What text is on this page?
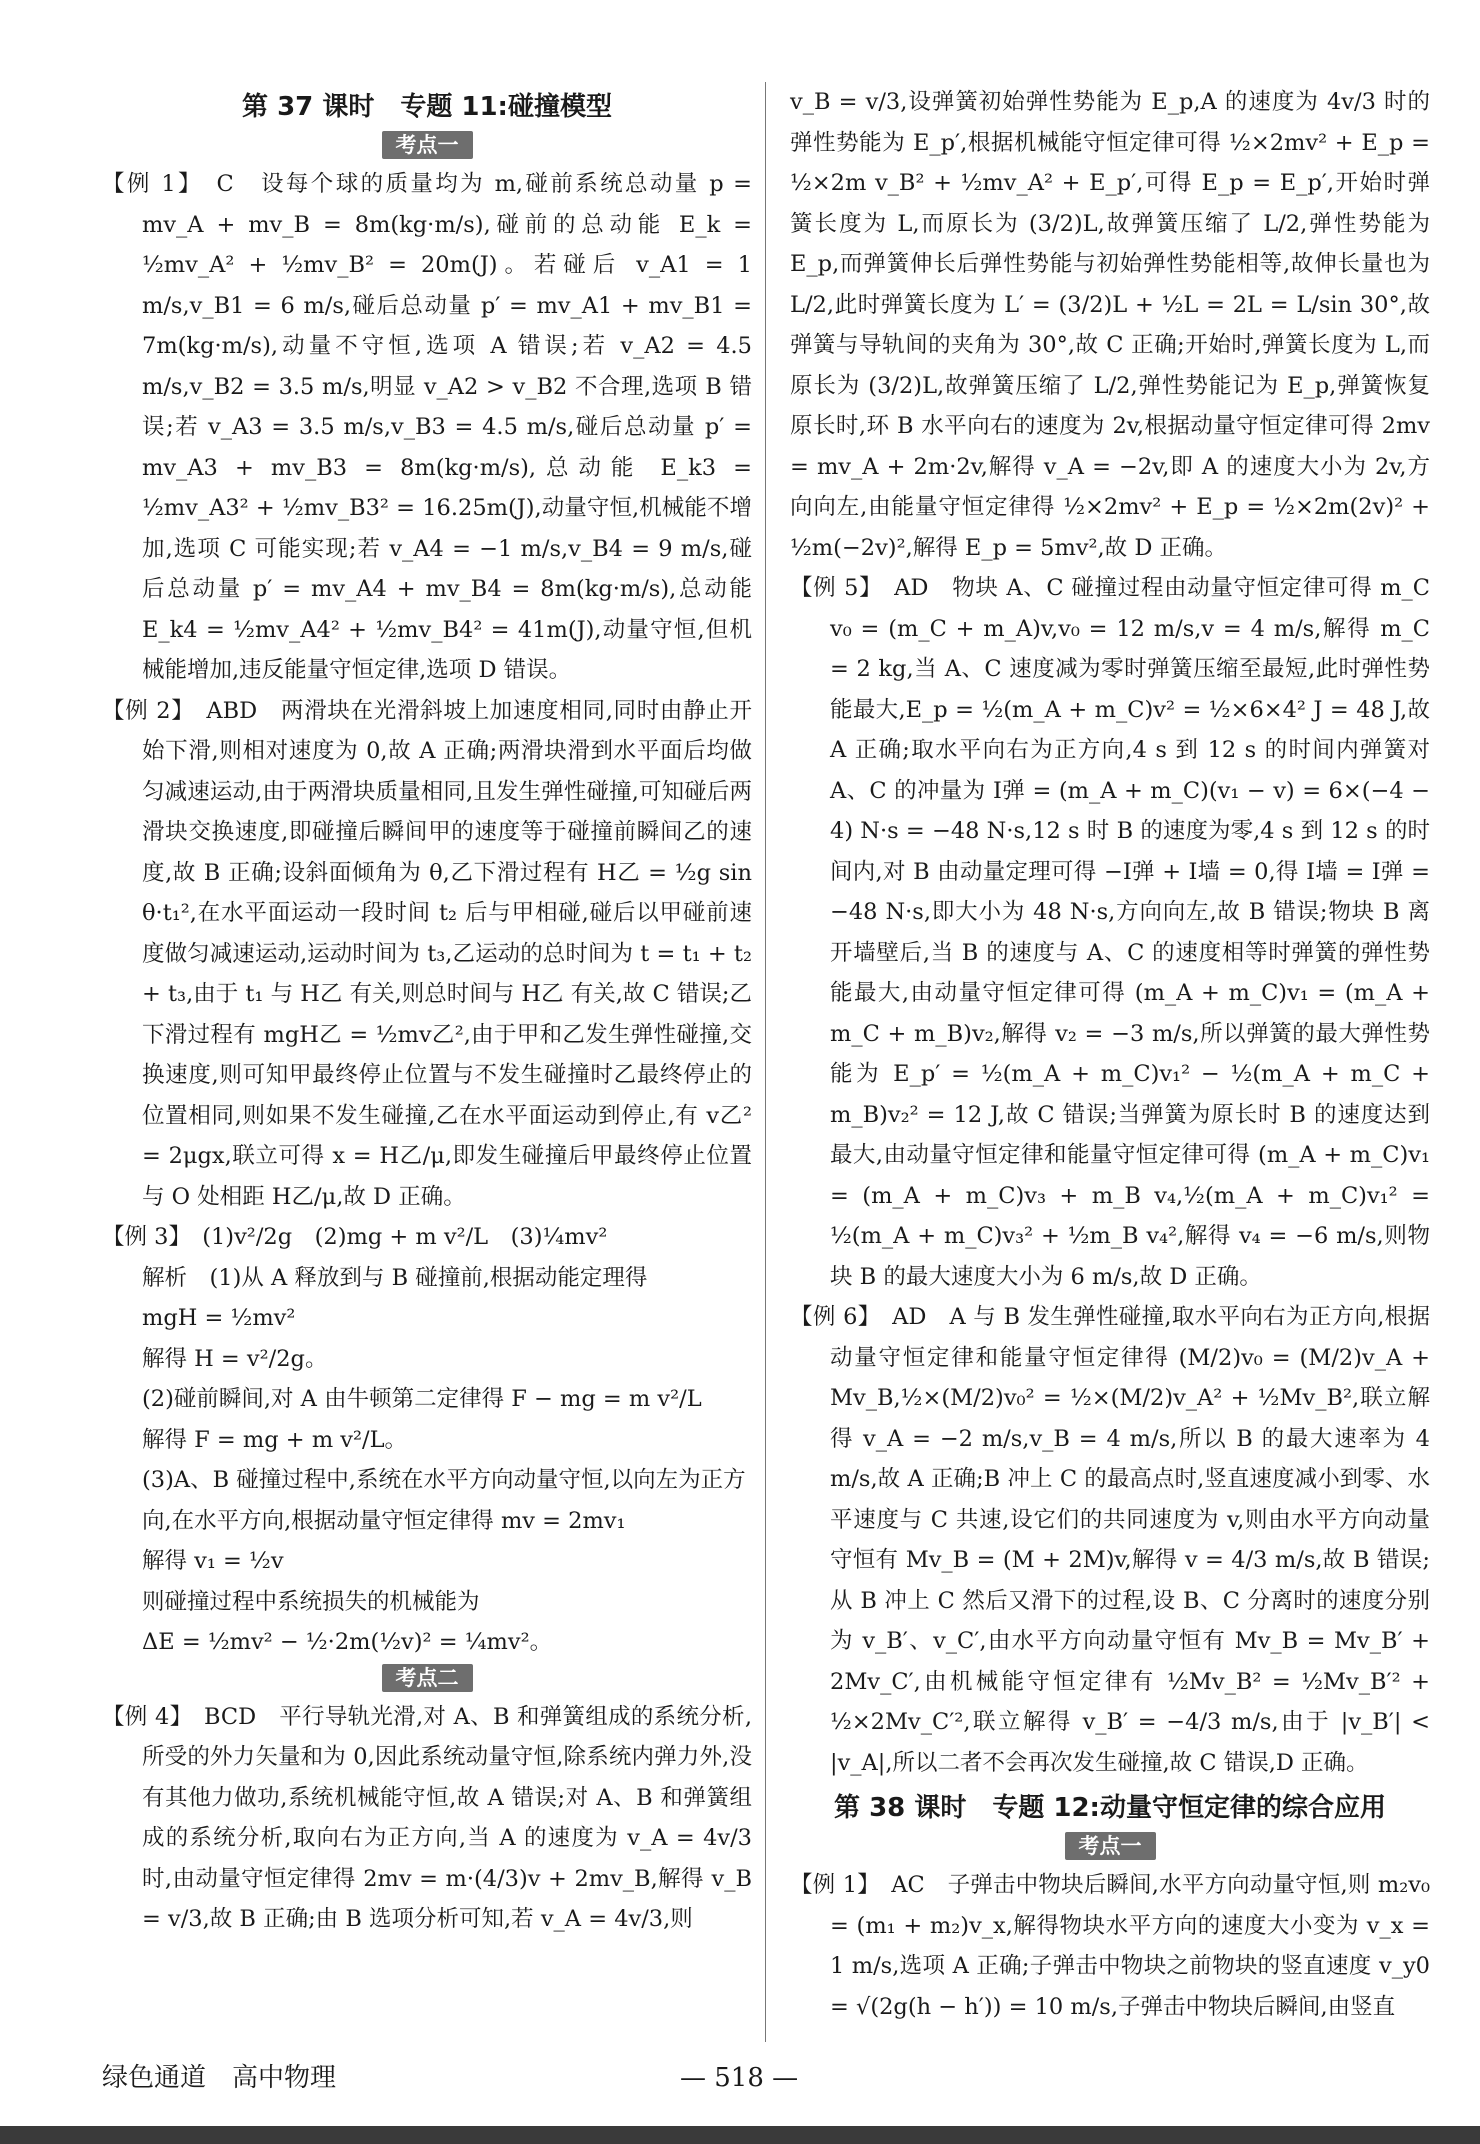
第 37 课时　专题 11:碰撞模型
考点一

【例 1】　C　设每个球的质量均为 m,碰前系统总动量 p = mv_A + mv_B = 8m(kg·m/s),碰前的总动能 E_k = ½mv_A² + ½mv_B² = 20m(J)。若碰后 v_A1 = 1 m/s,v_B1 = 6 m/s,碰后总动量 p′ = mv_A1 + mv_B1 = 7m(kg·m/s),动量不守恒,选项 A 错误;若 v_A2 = 4.5 m/s,v_B2 = 3.5 m/s,明显 v_A2 > v_B2 不合理,选项 B 错误;若 v_A3 = 3.5 m/s,v_B3 = 4.5 m/s,碰后总动量 p′ = mv_A3 + mv_B3 = 8m(kg·m/s),总动能 E_k3 = ½mv_A3² + ½mv_B3² = 16.25m(J),动量守恒,机械能不增加,选项 C 可能实现;若 v_A4 = −1 m/s,v_B4 = 9 m/s,碰后总动量 p′ = mv_A4 + mv_B4 = 8m(kg·m/s),总动能 E_k4 = ½mv_A4² + ½mv_B4² = 41m(J),动量守恒,但机械能增加,违反能量守恒定律,选项 D 错误。

【例 2】　ABD　两滑块在光滑斜坡上加速度相同,同时由静止开始下滑,则相对速度为 0,故 A 正确;两滑块滑到水平面后均做匀减速运动,由于两滑块质量相同,且发生弹性碰撞,可知碰后两滑块交换速度,即碰撞后瞬间甲的速度等于碰撞前瞬间乙的速度,故 B 正确;设斜面倾角为 θ,乙下滑过程有 H乙 = ½g sin θ·t₁²,在水平面运动一段时间 t₂ 后与甲相碰,碰后以甲碰前速度做匀减速运动,运动时间为 t₃,乙运动的总时间为 t = t₁ + t₂ + t₃,由于 t₁ 与 H乙 有关,则总时间与 H乙 有关,故 C 错误;乙下滑过程有 mgH乙 = ½mv乙²,由于甲和乙发生弹性碰撞,交换速度,则可知甲最终停止位置与不发生碰撞时乙最终停止的位置相同,则如果不发生碰撞,乙在水平面运动到停止,有 v乙² = 2μgx,联立可得 x = H乙/μ,即发生碰撞后甲最终停止位置与 O 处相距 H乙/μ,故 D 正确。

【例 3】　(1)v²/2g　(2)mg + m v²/L　(3)¼mv²

解析　(1)从 A 释放到与 B 碰撞前,根据动能定理得

mgH = ½mv²

解得 H = v²/2g。

(2)碰前瞬间,对 A 由牛顿第二定律得 F − mg = m v²/L

解得 F = mg + m v²/L。

(3)A、B 碰撞过程中,系统在水平方向动量守恒,以向左为正方向,在水平方向,根据动量守恒定律得 mv = 2mv₁

解得 v₁ = ½v

则碰撞过程中系统损失的机械能为

ΔE = ½mv² − ½·2m(½v)² = ¼mv²。

考点二

【例 4】　BCD　平行导轨光滑,对 A、B 和弹簧组成的系统分析,所受的外力矢量和为 0,因此系统动量守恒,除系统内弹力外,没有其他力做功,系统机械能守恒,故 A 错误;对 A、B 和弹簧组成的系统分析,取向右为正方向,当 A 的速度为 v_A = 4v/3 时,由动量守恒定律得 2mv = m·(4/3)v + 2mv_B,解得 v_B = v/3,故 B 正确;由 B 选项分析可知,若 v_A = 4v/3,则

v_B = v/3,设弹簧初始弹性势能为 E_p,A 的速度为 4v/3 时的弹性势能为 E_p′,根据机械能守恒定律可得 ½×2mv² + E_p = ½×2m v_B² + ½mv_A² + E_p′,可得 E_p = E_p′,开始时弹簧长度为 L,而原长为 (3/2)L,故弹簧压缩了 L/2,弹性势能为 E_p,而弹簧伸长后弹性势能与初始弹性势能相等,故伸长量也为 L/2,此时弹簧长度为 L′ = (3/2)L + ½L = 2L = L/sin 30°,故弹簧与导轨间的夹角为 30°,故 C 正确;开始时,弹簧长度为 L,而原长为 (3/2)L,故弹簧压缩了 L/2,弹性势能记为 E_p,弹簧恢复原长时,环 B 水平向右的速度为 2v,根据动量守恒定律可得 2mv = mv_A + 2m·2v,解得 v_A = −2v,即 A 的速度大小为 2v,方向向左,由能量守恒定律得 ½×2mv² + E_p = ½×2m(2v)² + ½m(−2v)²,解得 E_p = 5mv²,故 D 正确。

【例 5】　AD　物块 A、C 碰撞过程由动量守恒定律可得 m_C v₀ = (m_C + m_A)v,v₀ = 12 m/s,v = 4 m/s,解得 m_C = 2 kg,当 A、C 速度减为零时弹簧压缩至最短,此时弹性势能最大,E_p = ½(m_A + m_C)v² = ½×6×4² J = 48 J,故 A 正确;取水平向右为正方向,4 s 到 12 s 的时间内弹簧对 A、C 的冲量为 I弹 = (m_A + m_C)(v₁ − v) = 6×(−4 − 4) N·s = −48 N·s,12 s 时 B 的速度为零,4 s 到 12 s 的时间内,对 B 由动量定理可得 −I弹 + I墙 = 0,得 I墙 = I弹 = −48 N·s,即大小为 48 N·s,方向向左,故 B 错误;物块 B 离开墙壁后,当 B 的速度与 A、C 的速度相等时弹簧的弹性势能最大,由动量守恒定律可得 (m_A + m_C)v₁ = (m_A + m_C + m_B)v₂,解得 v₂ = −3 m/s,所以弹簧的最大弹性势能为 E_p′ = ½(m_A + m_C)v₁² − ½(m_A + m_C + m_B)v₂² = 12 J,故 C 错误;当弹簧为原长时 B 的速度达到最大,由动量守恒定律和能量守恒定律可得 (m_A + m_C)v₁ = (m_A + m_C)v₃ + m_B v₄,½(m_A + m_C)v₁² = ½(m_A + m_C)v₃² + ½m_B v₄²,解得 v₄ = −6 m/s,则物块 B 的最大速度大小为 6 m/s,故 D 正确。

【例 6】　AD　A 与 B 发生弹性碰撞,取水平向右为正方向,根据动量守恒定律和能量守恒定律得 (M/2)v₀ = (M/2)v_A + Mv_B,½×(M/2)v₀² = ½×(M/2)v_A² + ½Mv_B²,联立解得 v_A = −2 m/s,v_B = 4 m/s,所以 B 的最大速率为 4 m/s,故 A 正确;B 冲上 C 的最高点时,竖直速度减小到零、水平速度与 C 共速,设它们的共同速度为 v,则由水平方向动量守恒有 Mv_B = (M + 2M)v,解得 v = 4/3 m/s,故 B 错误;从 B 冲上 C 然后又滑下的过程,设 B、C 分离时的速度分别为 v_B′、v_C′,由水平方向动量守恒有 Mv_B = Mv_B′ + 2Mv_C′,由机械能守恒定律有 ½Mv_B² = ½Mv_B′² + ½×2Mv_C′²,联立解得 v_B′ = −4/3 m/s,由于 |v_B′| < |v_A|,所以二者不会再次发生碰撞,故 C 错误,D 正确。

第 38 课时　专题 12:动量守恒定律的综合应用
考点一

【例 1】　AC　子弹击中物块后瞬间,水平方向动量守恒,则 m₂v₀ = (m₁ + m₂)v_x,解得物块水平方向的速度大小变为 v_x = 1 m/s,选项 A 正确;子弹击中物块之前物块的竖直速度 v_y0 = √(2g(h − h′)) = 10 m/s,子弹击中物块后瞬间,由竖直

绿色通道　高中物理	— 518 —
